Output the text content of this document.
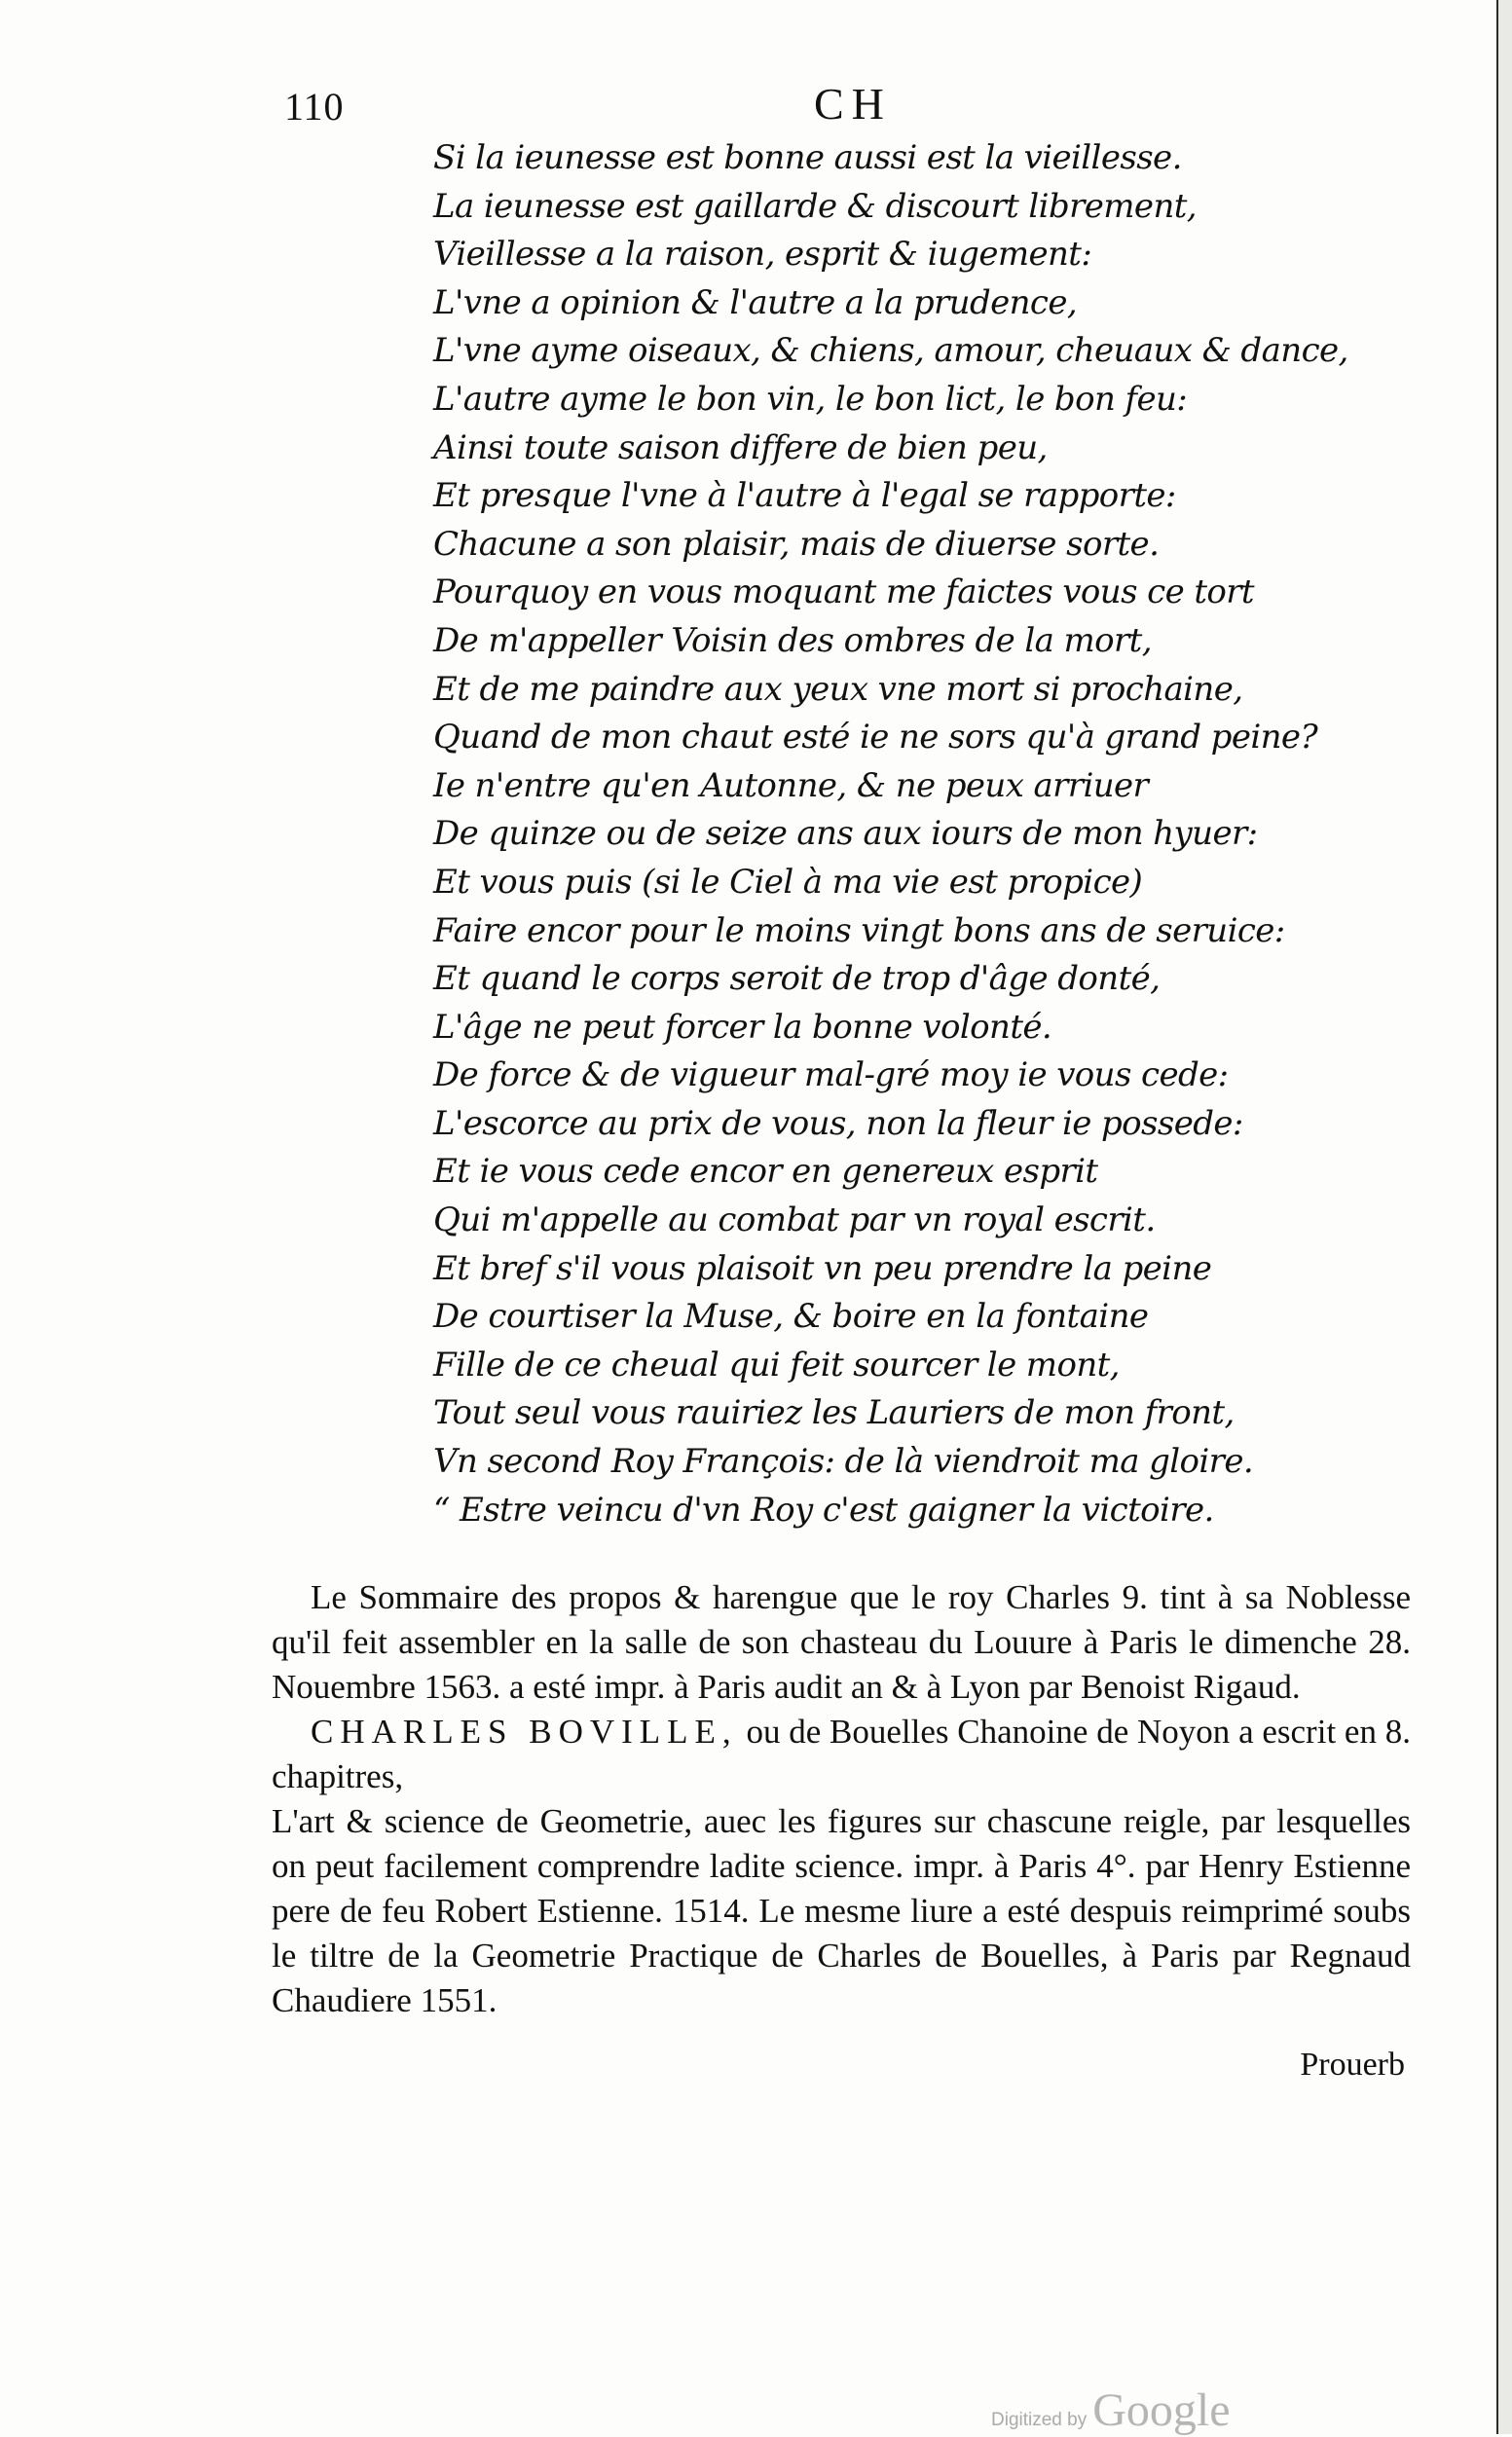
110	CH
Si la ieunesse est bonne aussi est la vieillesse.
La ieunesse est gaillarde & discourt librement,
Vieillesse a la raison, esprit & iugement:
L'vne a opinion & l'autre a la prudence,
L'vne ayme oiseaux, & chiens, amour, cheuaux & dance,
L'autre ayme le bon vin, le bon lict, le bon feu:
Ainsi toute saison differe de bien peu,
Et presque l'vne à l'autre à l'egal se rapporte:
Chacune a son plaisir, mais de diuerse sorte.
Pourquoy en vous moquant me faictes vous ce tort
De m'appeller Voisin des ombres de la mort,
Et de me paindre aux yeux vne mort si prochaine,
Quand de mon chaut esté ie ne sors qu'à grand peine?
Ie n'entre qu'en Autonne, & ne peux arriuer
De quinze ou de seize ans aux iours de mon hyuer:
Et vous puis (si le Ciel à ma vie est propice)
Faire encor pour le moins vingt bons ans de seruice:
Et quand le corps seroit de trop d'âge donté,
L'âge ne peut forcer la bonne volonté.
De force & de vigueur mal-gré moy ie vous cede:
L'escorce au prix de vous, non la fleur ie possede:
Et ie vous cede encor en genereux esprit
Qui m'appelle au combat par vn royal escrit.
Et bref s'il vous plaisoit vn peu prendre la peine
De courtiser la Muse, & boire en la fontaine
Fille de ce cheual qui feit sourcer le mont,
Tout seul vous rauiriez les Lauriers de mon front,
Vn second Roy François: de là viendroit ma gloire.
“ Estre veincu d'vn Roy c'est gaigner la victoire.

Le Sommaire des propos & harengue que le roy Charles 9. tint à sa Noblesse qu'il feit assembler en la salle de son chasteau du Louure à Paris le dimenche 28. Nouembre 1563. a esté impr. à Paris audit an & à Lyon par Benoist Rigaud.

CHARLES BOVILLE, ou de Bouelles Chanoine de Noyon a escrit en 8. chapitres,

L'art & science de Geometrie, auec les figures sur chascune reigle, par lesquelles on peut facilement comprendre ladite science. impr. à Paris 4°. par Henry Estienne pere de feu Robert Estienne. 1514. Le mesme liure a esté despuis reimprimé soubs le tiltre de la Geometrie Practique de Charles de Bouelles, à Paris par Regnaud Chaudiere 1551.

Prouerb
Digitized by Google
